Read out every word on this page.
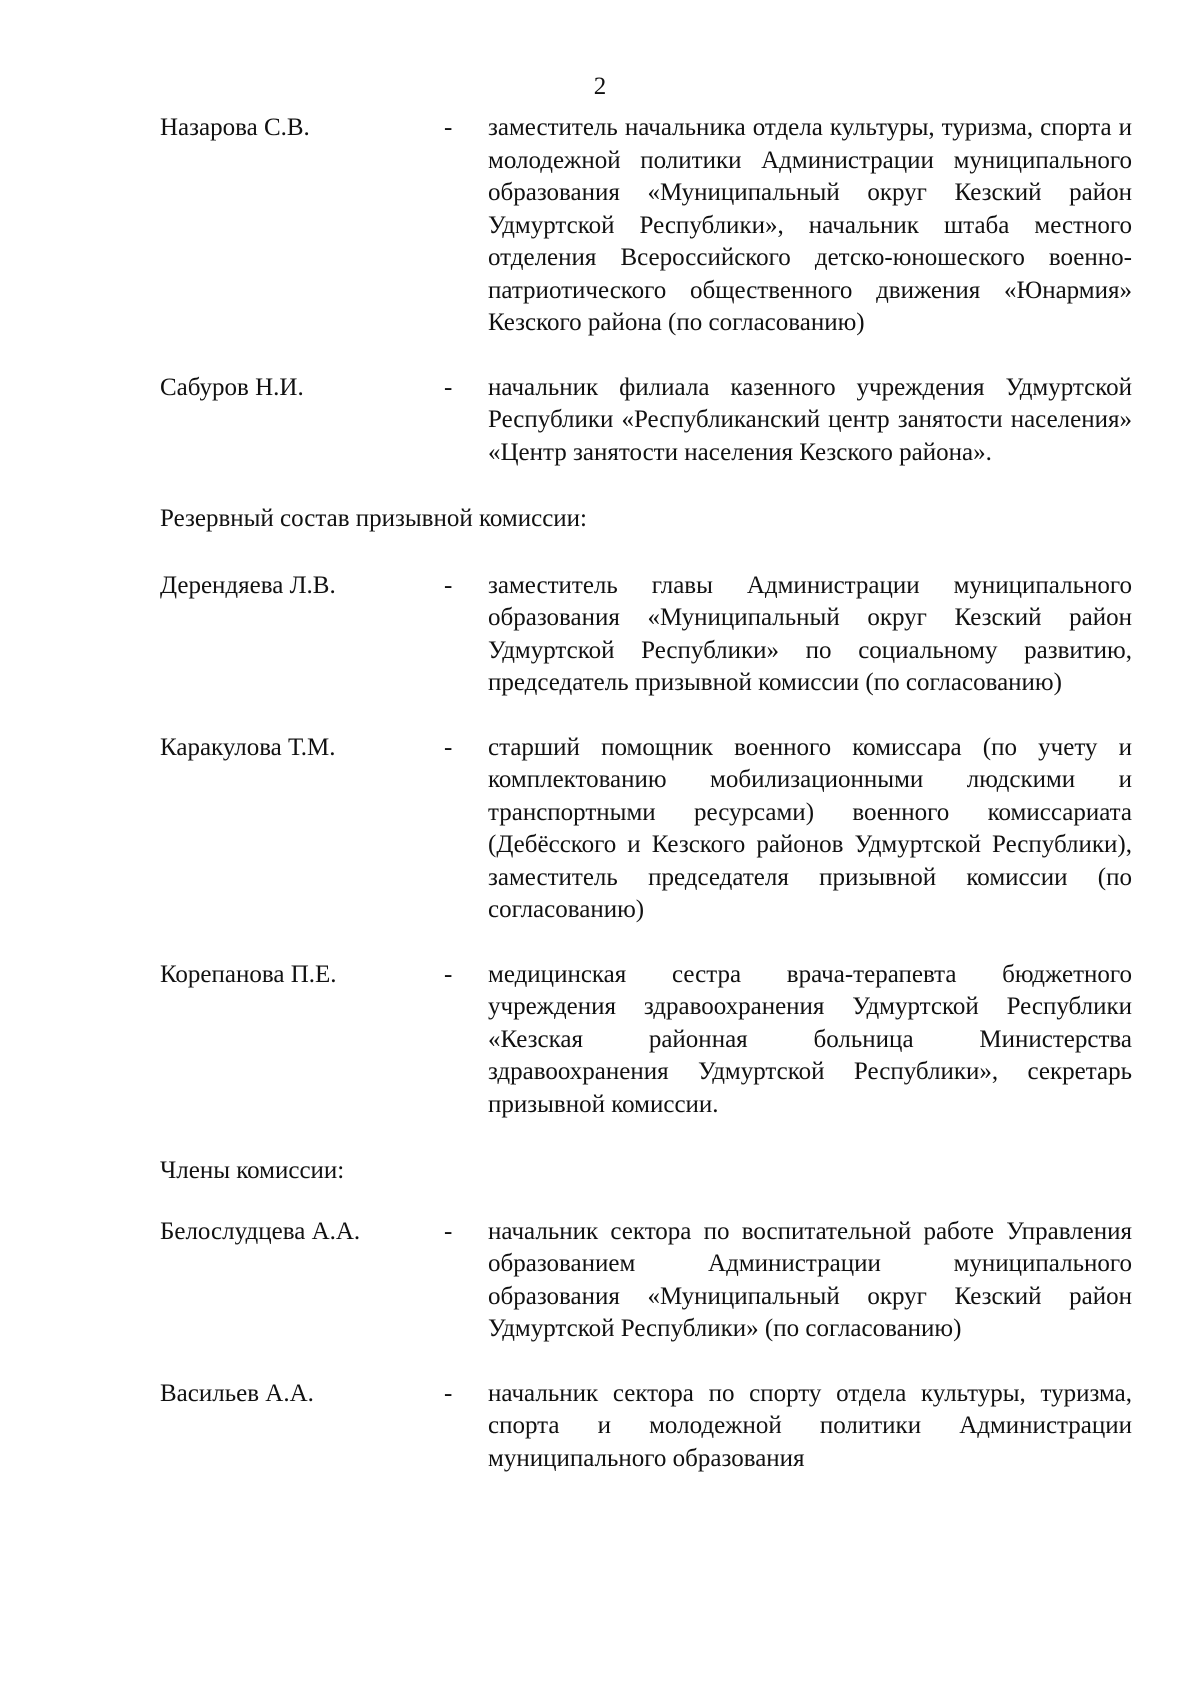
2
Назарова С.В.	-	заместитель начальника отдела культуры, туризма, спорта и молодежной политики Администрации муниципального образования «Муниципальный округ Кезский район Удмуртской Республики», начальник штаба местного отделения Всероссийского детско-юношеского военно-патриотического общественного движения «Юнармия» Кезского района (по согласованию)
Сабуров Н.И.	-	начальник филиала казенного учреждения Удмуртской Республики «Республиканский центр занятости населения» «Центр занятости населения Кезского района».
Резервный состав призывной комиссии:
Дерендяева Л.В.	-	заместитель главы Администрации муниципального образования «Муниципальный округ Кезский район Удмуртской Республики» по социальному развитию, председатель призывной комиссии (по согласованию)
Каракулова Т.М.	-	старший помощник военного комиссара (по учету и комплектованию мобилизационными людскими и транспортными ресурсами) военного комиссариата (Дебёсского и Кезского районов Удмуртской Республики), заместитель председателя призывной комиссии (по согласованию)
Корепанова П.Е.	-	медицинская сестра врача-терапевта бюджетного учреждения здравоохранения Удмуртской Республики «Кезская районная больница Министерства здравоохранения Удмуртской Республики», секретарь призывной комиссии.
Члены комиссии:
Белослудцева А.А.	-	начальник сектора по воспитательной работе Управления образованием Администрации муниципального образования «Муниципальный округ Кезский район Удмуртской Республики» (по согласованию)
Васильев А.А.	-	начальник сектора по спорту отдела культуры, туризма, спорта и молодежной политики Администрации муниципального образования
